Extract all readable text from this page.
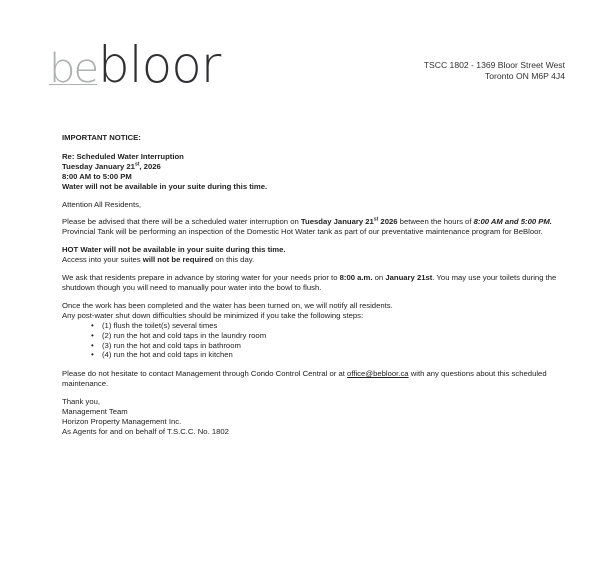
bebloor	TSCC 1802 - 1369 Bloor Street West
Toronto ON M6P 4J4

IMPORTANT NOTICE:

Re: Scheduled Water Interruption
Tuesday January 21st, 2026
8:00 AM to 5:00 PM
Water will not be available in your suite during this time.

Attention All Residents,

Please be advised that there will be a scheduled water interruption on Tuesday January 21st 2026 between the hours of 8:00 AM and 5:00 PM. Provincial Tank will be performing an inspection of the Domestic Hot Water tank as part of our preventative maintenance program for BeBloor.

HOT Water will not be available in your suite during this time.
Access into your suites will not be required on this day.

We ask that residents prepare in advance by storing water for your needs prior to 8:00 a.m. on January 21st. You may use your toilets during the shutdown though you will need to manually pour water into the bowl to flush.

Once the work has been completed and the water has been turned on, we will notify all residents.
Any post-water shut down difficulties should be minimized if you take the following steps:

• (1) flush the toilet(s) several times
• (2) run the hot and cold taps in the laundry room
• (3) run the hot and cold taps in bathroom
• (4) run the hot and cold taps in kitchen

Please do not hesitate to contact Management through Condo Control Central or at office@bebloor.ca with any questions about this scheduled maintenance.

Thank you,
Management Team
Horizon Property Management Inc.
As Agents for and on behalf of T.S.C.C. No. 1802
